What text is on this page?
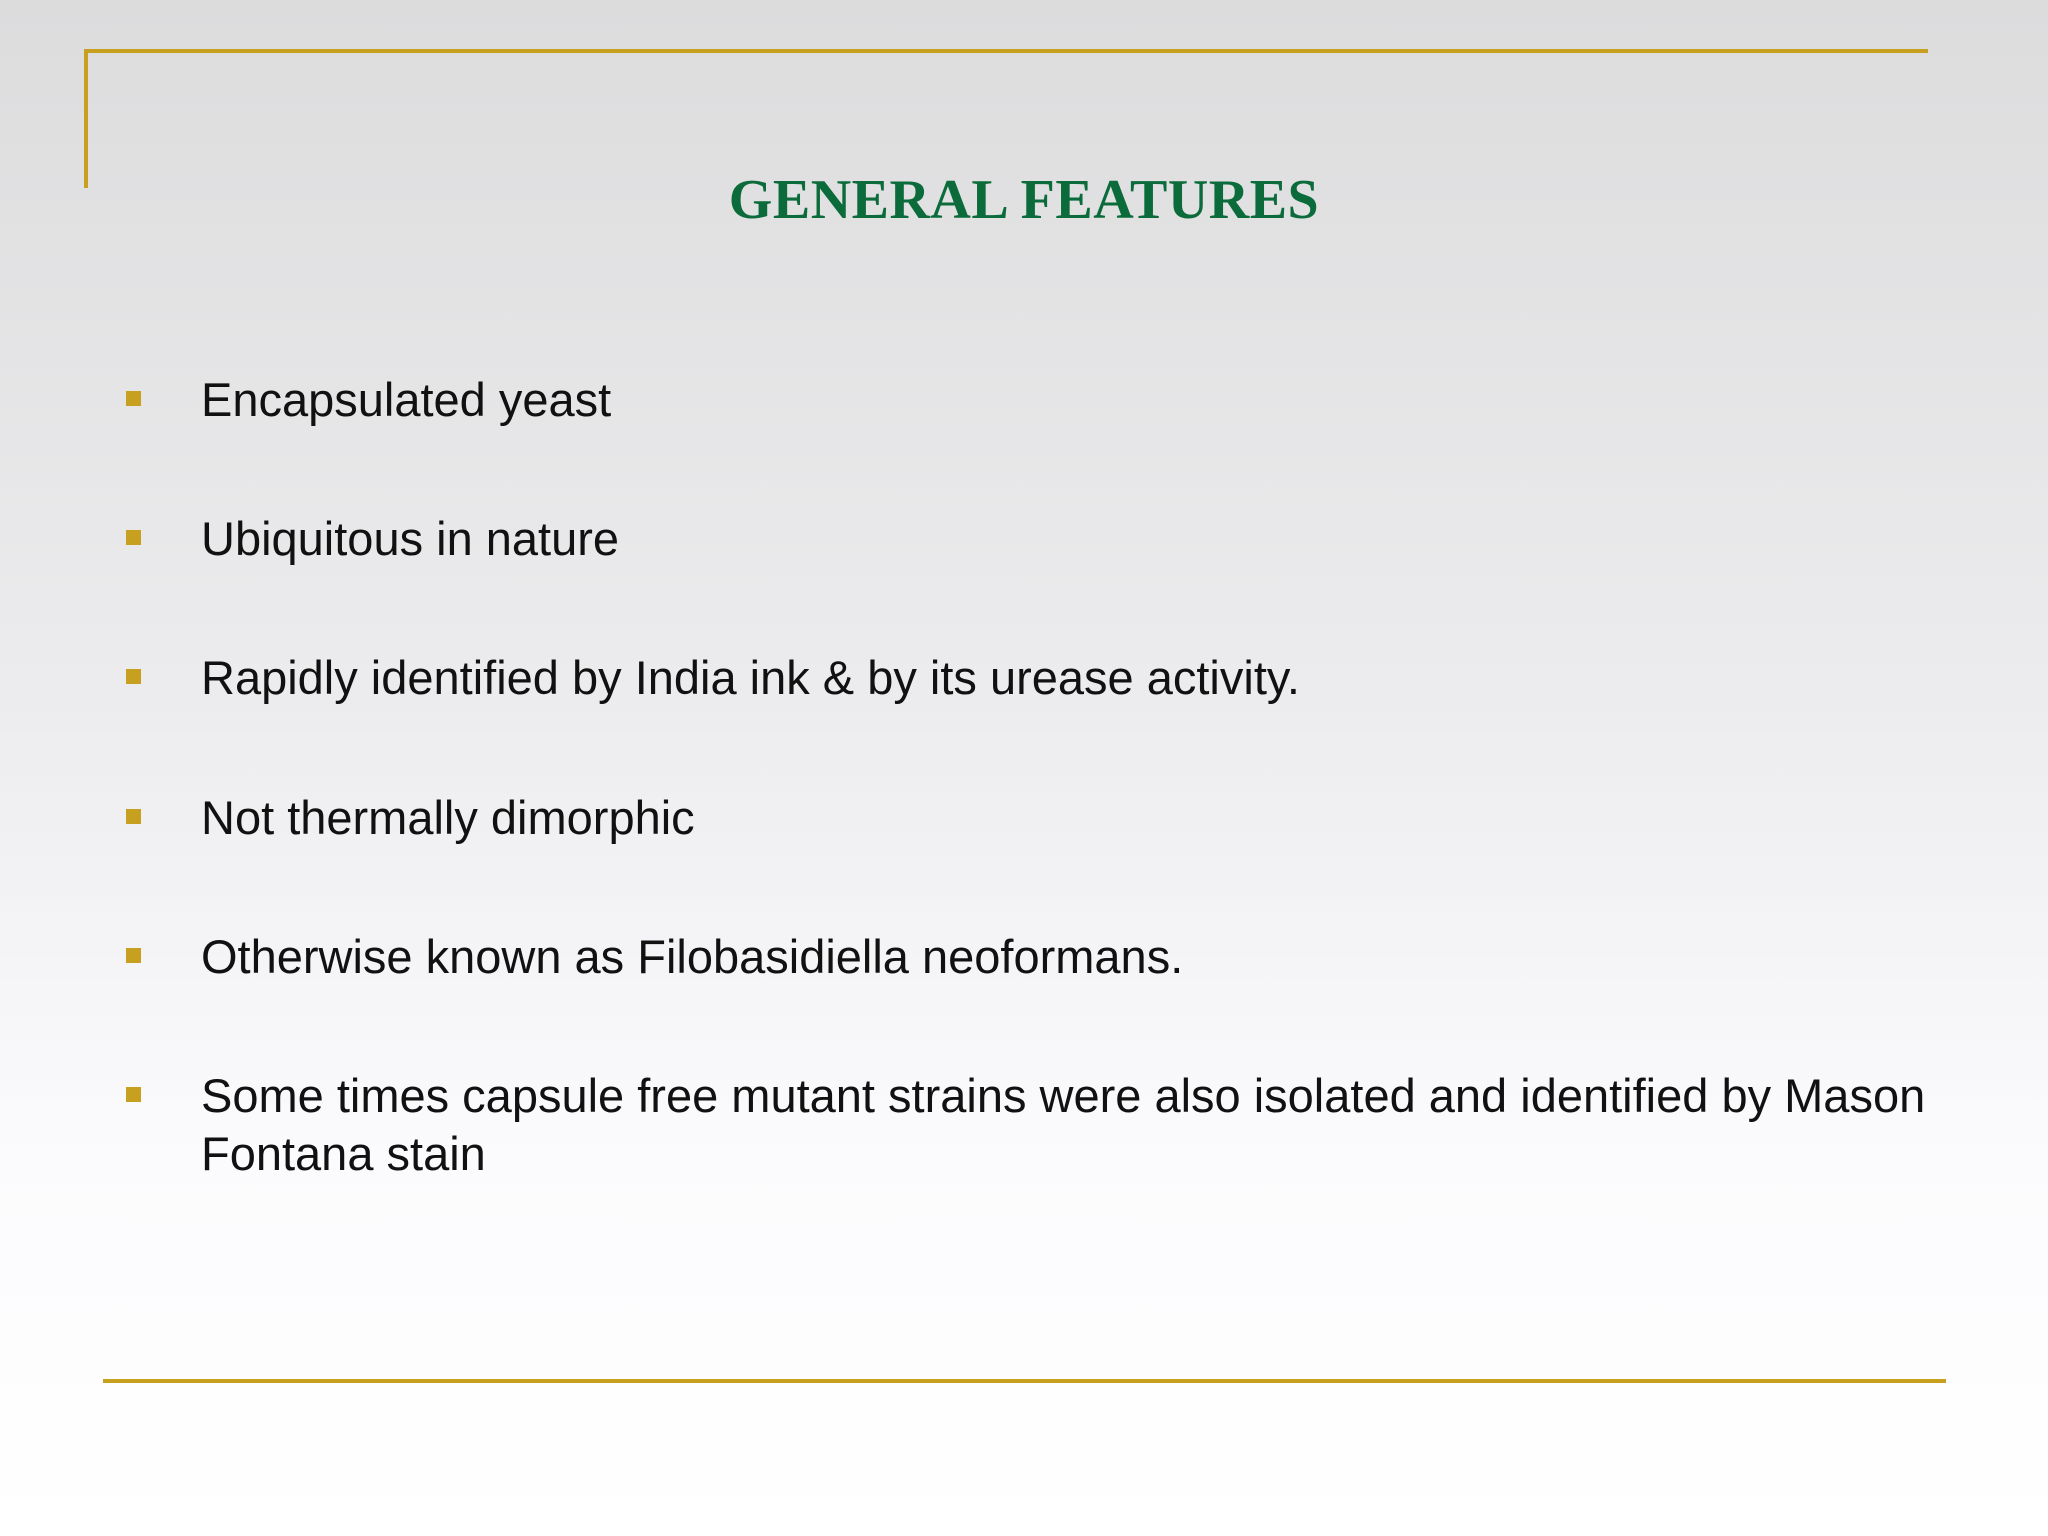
GENERAL FEATURES
Encapsulated yeast
Ubiquitous in nature
Rapidly identified by India ink & by its urease activity.
Not thermally dimorphic
Otherwise known as Filobasidiella neoformans.
Some times capsule free mutant strains were also isolated and identified by Mason Fontana stain
